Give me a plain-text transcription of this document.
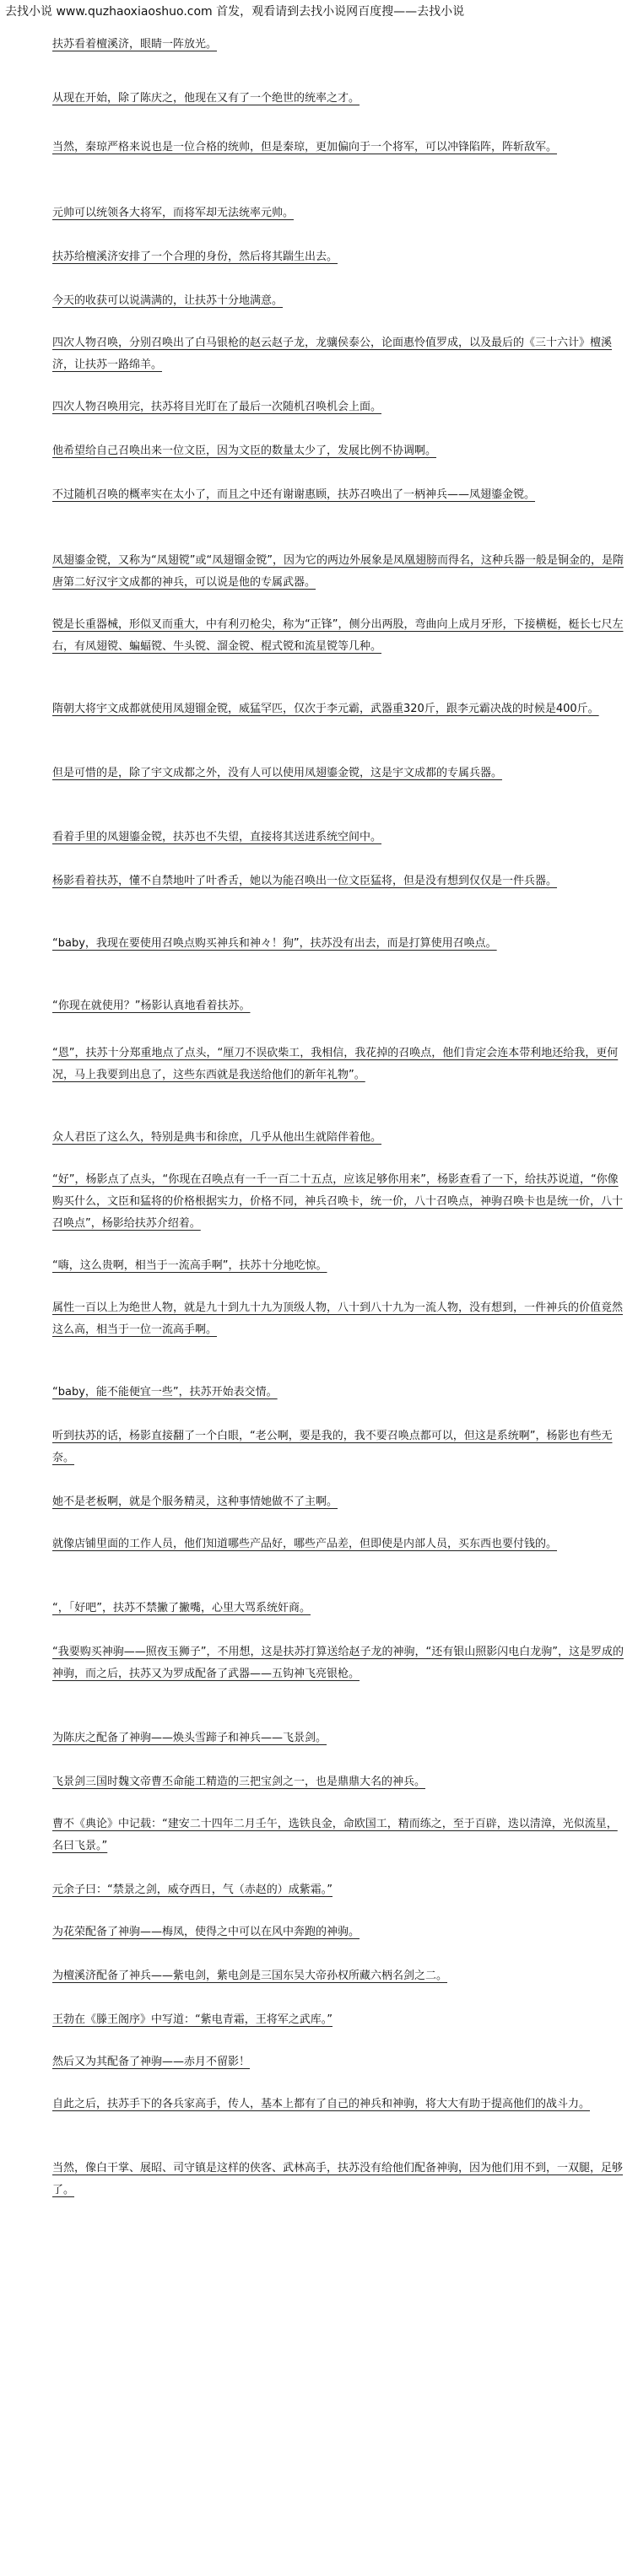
去找小说 www.quzhaoxiaoshuo.com 首发，观看请到去找小说网百度搜——去找小说
扶苏看着檀溪济，眼睛一阵放光。
从现在开始，除了陈庆之，他现在又有了一个绝世的统率之才。
当然，秦琼严格来说也是一位合格的统帅，但是秦琼，更加偏向于一个将军，可以冲锋陷阵，阵斩敌军。
元帅可以统领各大将军，而将军却无法统率元帅。
扶苏给檀溪济安排了一个合理的身份，然后将其踹生出去。
今天的收获可以说满满的，让扶苏十分地满意。
四次人物召唤，分别召唤出了白马银枪的赵云赵子龙，龙骧侯泰公，论面惠怜值罗成，以及最后的《三十六计》檀溪济，让扶苏一路绵羊。
四次人物召唤用完，扶苏将目光盯在了最后一次随机召唤机会上面。
他希望给自己召唤出来一位文臣，因为文臣的数量太少了，发展比例不协调啊。
不过随机召唤的概率实在太小了，而且之中还有谢谢惠顾，扶苏召唤出了一柄神兵——凤翅鎏金镋。
凤翅鎏金镋，又称为“凤翅镋”或“凤翅镏金镋”，因为它的两边外展象是凤凰翅膀而得名，这种兵器一般是铜金的，是隋唐第二好汉宇文成都的神兵，可以说是他的专属武器。
镋是长重器械，形似叉而重大，中有利刃枪尖，称为“正锋”，侧分出两股，弯曲向上成月牙形，下接横梃，梃长七尺左右，有凤翅镋、蝙蝠镋、牛头镋、溜金镋、棍式镋和流星镋等几种。
隋朝大将宇文成都就使用凤翅镏金镋，威猛罕匹，仅次于李元霸，武器重320斤，跟李元霸决战的时候是400斤。
但是可惜的是，除了宇文成都之外，没有人可以使用凤翅鎏金镋，这是宇文成都的专属兵器。
看着手里的凤翅鎏金镋，扶苏也不失望，直接将其送进系统空间中。
杨影看着扶苏，懂不自禁地叶了叶香舌，她以为能召唤出一位文臣猛将，但是没有想到仅仅是一件兵器。
“baby，我现在要使用召唤点购买神兵和神々！狗”，扶苏没有出去，而是打算使用召唤点。
“你现在就使用？”杨影认真地看着扶苏。
“恩”，扶苏十分郑重地点了点头，“厘刀不误砍柴工，我相信，我花掉的召唤点，他们肯定会连本带利地还给我，更何况，马上我要到出息了，这些东西就是我送给他们的新年礼物”。
众人君臣了这么久，特别是典韦和徐庶，几乎从他出生就陪伴着他。
“好”，杨影点了点头，“你现在召唤点有一千一百二十五点，应该足够你用来”，杨影查看了一下，给扶苏说道，“你像购买什么，文臣和猛将的价格根据实力，价格不同，神兵召唤卡，统一价，八十召唤点，神驹召唤卡也是统一价，八十召唤点”，杨影给扶苏介绍着。
“嗨，这么贵啊，相当于一流高手啊”，扶苏十分地吃惊。
属性一百以上为绝世人物，就是九十到九十九为顶级人物，八十到八十九为一流人物，没有想到，一件神兵的价值竟然这么高，相当于一位一流高手啊。
“baby，能不能便宜一些”，扶苏开始表交情。
听到扶苏的话，杨影直接翻了一个白眼，“老公啊，要是我的，我不要召唤点都可以，但这是系统啊”，杨影也有些无奈。
她不是老板啊，就是个服务精灵，这种事情她做不了主啊。
就像店铺里面的工作人员，他们知道哪些产品好，哪些产品差，但即使是内部人员，买东西也要付钱的。
“，「好吧”，扶苏不禁撇了撇嘴，心里大骂系统奸商。
“我要购买神驹——照夜玉狮子”，不用想，这是扶苏打算送给赵子龙的神驹，“还有银山照影闪电白龙驹”，这是罗成的神驹，而之后，扶苏又为罗成配备了武器——五钩神飞亮银枪。
为陈庆之配备了神驹——焕头雪蹄子和神兵——飞景剑。
飞景剑三国时魏文帝曹丕命能工精造的三把宝剑之一，也是鼎鼎大名的神兵。
曹不《典论》中记载：“建安二十四年二月壬午，选铁良金，命欧国工，精而练之，至于百辟，迭以清漳，光似流星，名曰飞景。”
元余子曰：“禁景之剑，威夺西日，气（赤赵的）成紫霜。”
为花荣配备了神驹——梅凤，使得之中可以在风中奔跑的神驹。
为檀溪济配备了神兵——紫电剑，紫电剑是三国东吴大帝孙权所藏六柄名剑之二。
王勃在《滕王阁序》中写道：“紫电青霜，王将军之武库。”
然后又为其配备了神驹——赤月不留影！
自此之后，扶苏手下的各兵家高手，传人，基本上都有了自己的神兵和神驹，将大大有助于提高他们的战斗力。
当然，像白干掌、展昭、司守镇是这样的侠客、武林高手，扶苏没有给他们配备神驹，因为他们用不到，一双腿，足够了。
